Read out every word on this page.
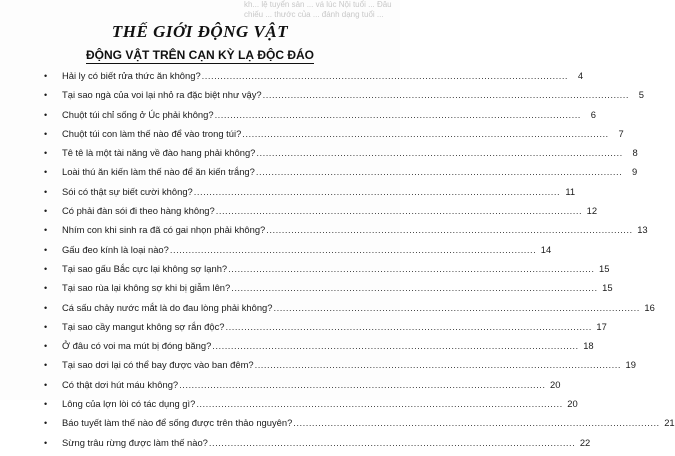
kh... lệ tuyển sản ... vá lúc Nội tuổi ... Đâu chiếu ... thước của ... đánh dạng tuổi ...
THẾ GIỚI ĐỘNG VẬT
ĐỘNG VẬT TRÊN CẠN KỲ LẠ ĐỘC ĐÁO
•	Hải ly có biết rửa thức ăn không? .....	4
•	Tại sao ngà của voi lại nhỏ ra đặc biệt như vậy? .....	5
•	Chuột túi chỉ sống ở Úc phải không? .....	6
•	Chuột túi con làm thế nào để vào trong túi? .....	7
•	Tê tê là một tài năng về đào hang phải không? .....	8
•	Loài thú ăn kiến làm thế nào để ăn kiến trắng? .....	9
•	Sói có thật sự biết cười không? .....	11
•	Có phải đàn sói đi theo hàng không? .....	12
•	Nhím con khi sinh ra đã có gai nhọn phải không? .....	13
•	Gấu đeo kính là loại nào? .....	14
•	Tại sao gấu Bắc cực lại không sợ lạnh? .....	15
•	Tại sao rùa lại không sợ khi bị giẫm lên? .....	15
•	Cá sấu chảy nước mắt là do đau lòng phải không? .....	16
•	Tại sao cầy mangut không sợ rắn độc? .....	17
•	Ở đâu có voi ma mút bị đóng băng? .....	18
•	Tại sao dơi lại có thể bay được vào ban đêm? .....	19
•	Có thật dơi hút máu không? .....	20
•	Lông của lợn lòi có tác dụng gì? .....	20
•	Báo tuyết làm thế nào để sống được trên thảo nguyên? .....	21
•	Sừng trâu rừng được làm thế nào? .....	22
